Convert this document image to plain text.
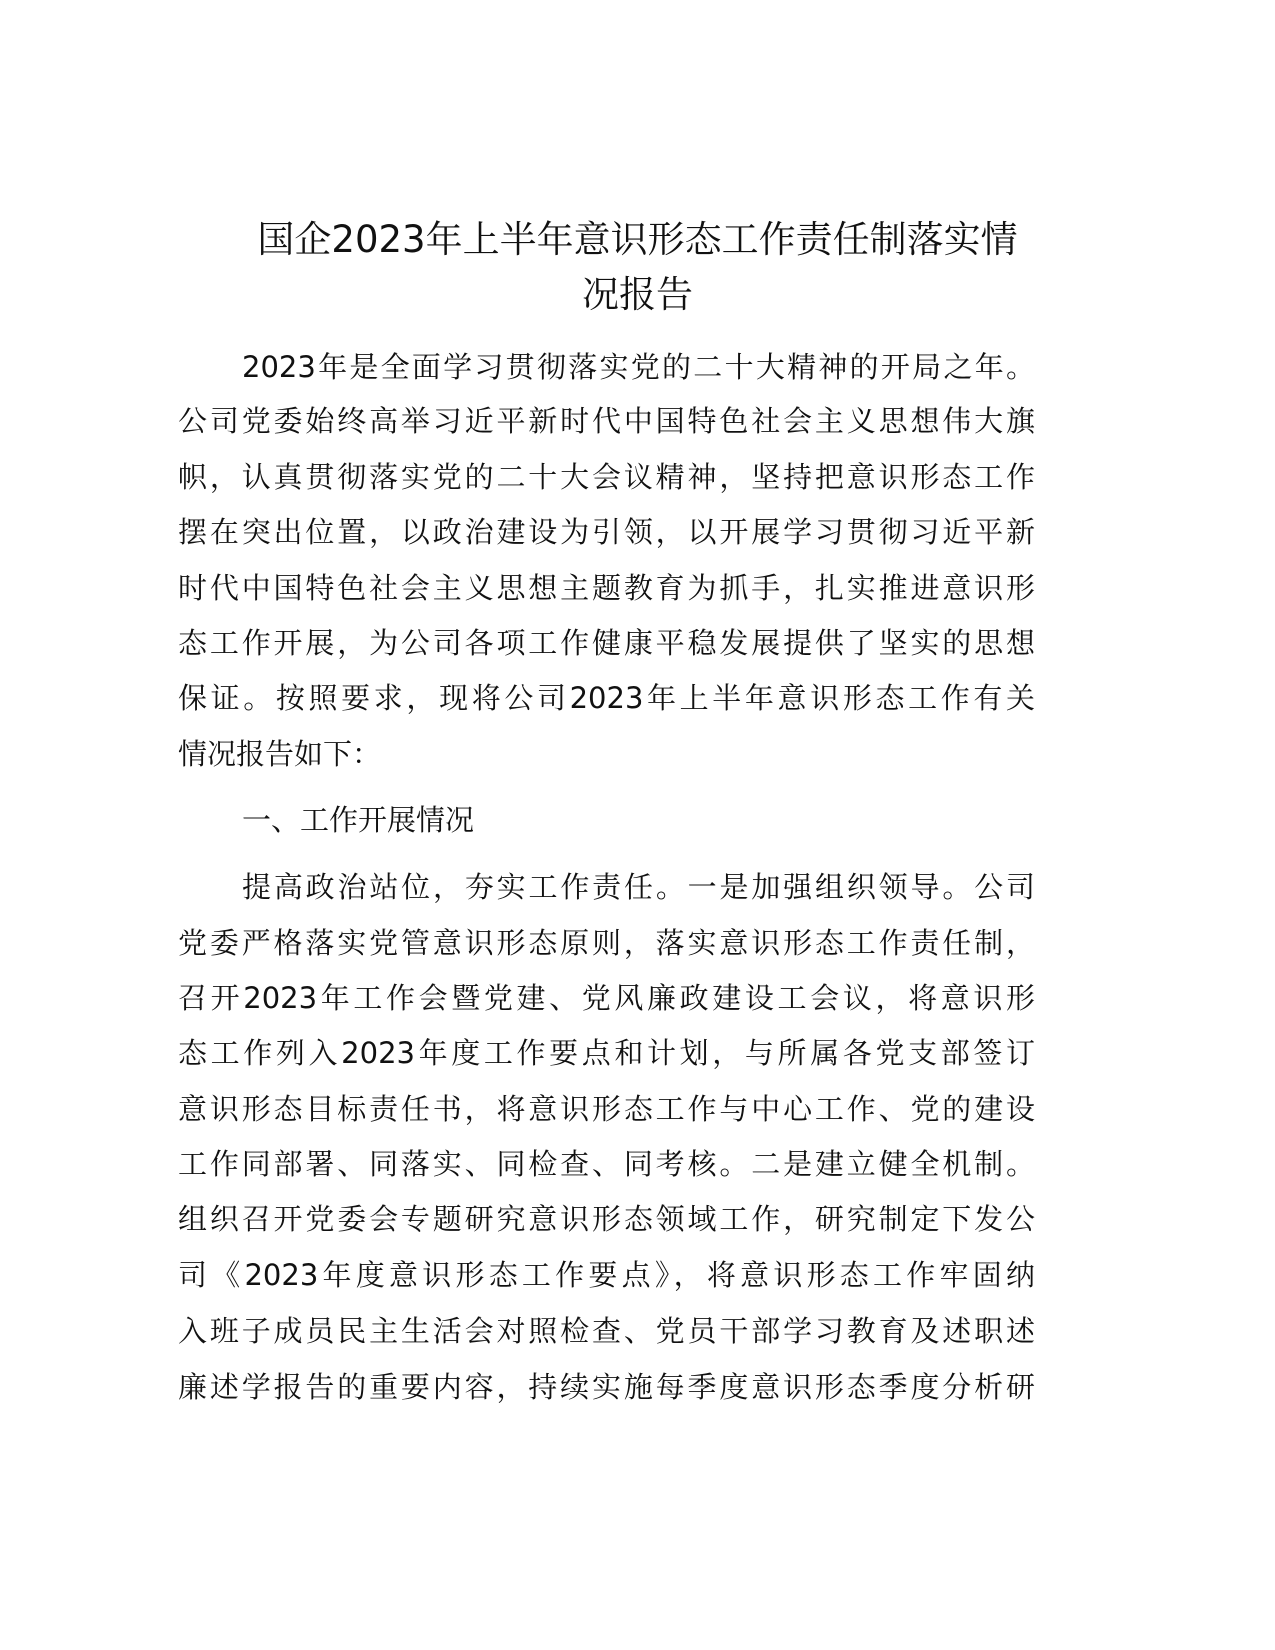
国企2023年上半年意识形态工作责任制落实情
况报告
2023年是全面学习贯彻落实党的二十大精神的开局之年。
公司党委始终高举习近平新时代中国特色社会主义思想伟大旗
帜，认真贯彻落实党的二十大会议精神，坚持把意识形态工作
摆在突出位置，以政治建设为引领，以开展学习贯彻习近平新
时代中国特色社会主义思想主题教育为抓手，扎实推进意识形
态工作开展，为公司各项工作健康平稳发展提供了坚实的思想
保证。按照要求，现将公司2023年上半年意识形态工作有关
情况报告如下：
一、工作开展情况
提高政治站位，夯实工作责任。一是加强组织领导。公司
党委严格落实党管意识形态原则，落实意识形态工作责任制，
召开2023年工作会暨党建、党风廉政建设工会议，将意识形
态工作列入2023年度工作要点和计划，与所属各党支部签订
意识形态目标责任书，将意识形态工作与中心工作、党的建设
工作同部署、同落实、同检查、同考核。二是建立健全机制。
组织召开党委会专题研究意识形态领域工作，研究制定下发公
司《2023年度意识形态工作要点》，将意识形态工作牢固纳
入班子成员民主生活会对照检查、党员干部学习教育及述职述
廉述学报告的重要内容，持续实施每季度意识形态季度分析研
